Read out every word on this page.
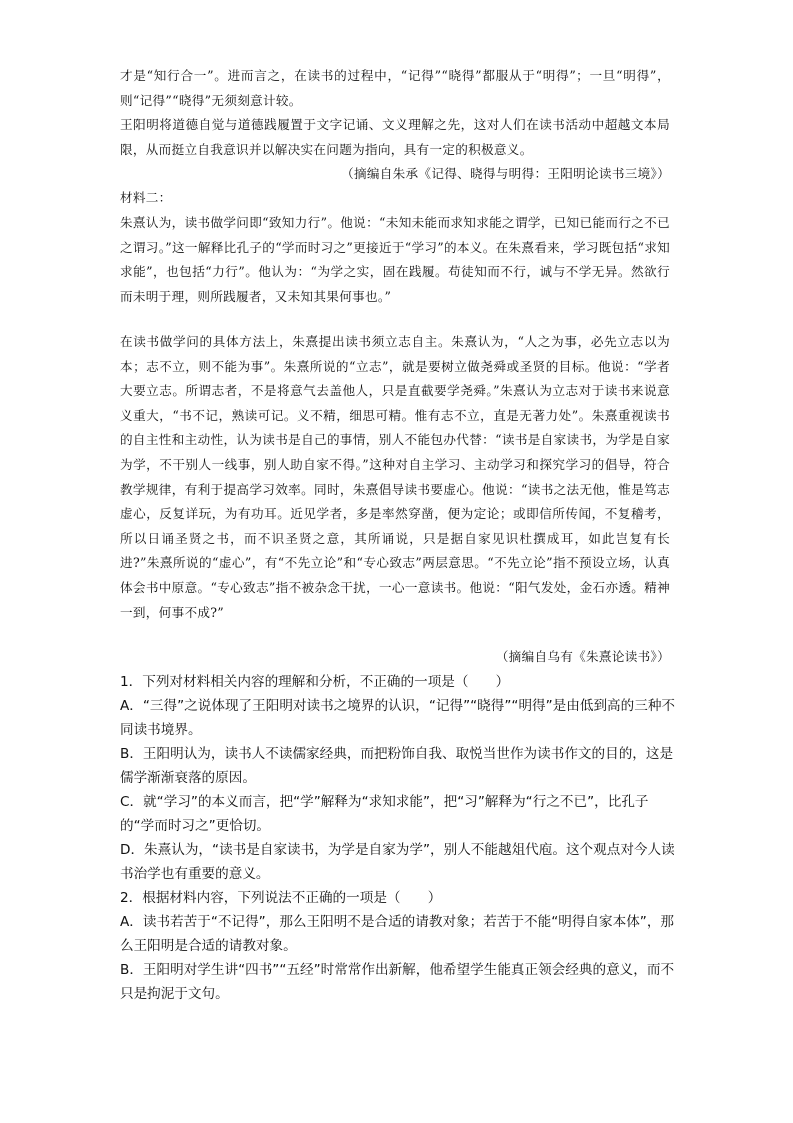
才是“知行合一”。进而言之，在读书的过程中，“记得”“晓得”都服从于“明得”；一旦“明得”，则“记得”“晓得”无须刻意计较。

王阳明将道德自觉与道德践履置于文字记诵、文义理解之先，这对人们在读书活动中超越文本局限，从而挺立自我意识并以解决实在问题为指向，具有一定的积极意义。

（摘编自朱承《记得、晓得与明得：王阳明论读书三境》）

材料二：

朱熹认为，读书做学问即“致知力行”。他说：“未知未能而求知求能之谓学，已知已能而行之不已之谓习。”这一解释比孔子的“学而时习之”更接近于“学习”的本义。在朱熹看来，学习既包括“求知求能”，也包括“力行”。他认为：“为学之实，固在践履。苟徒知而不行，诚与不学无异。然欲行而未明于理，则所践履者，又未知其果何事也。”

在读书做学问的具体方法上，朱熹提出读书须立志自主。朱熹认为，“人之为事，必先立志以为本；志不立，则不能为事”。朱熹所说的“立志”，就是要树立做尧舜或圣贤的目标。他说：“学者大要立志。所谓志者，不是将意气去盖他人，只是直截要学尧舜。”朱熹认为立志对于读书来说意义重大，“书不记，熟读可记。义不精，细思可精。惟有志不立，直是无著力处”。朱熹重视读书的自主性和主动性，认为读书是自己的事情，别人不能包办代替：“读书是自家读书，为学是自家为学，不干别人一线事，别人助自家不得。”这种对自主学习、主动学习和探究学习的倡导，符合教学规律，有利于提高学习效率。同时，朱熹倡导读书要虚心。他说：“读书之法无他，惟是笃志虚心，反复详玩，为有功耳。近见学者，多是率然穿凿，便为定论；或即信所传闻，不复稽考，所以日诵圣贤之书，而不识圣贤之意，其所诵说，只是据自家见识杜撰成耳，如此岂复有长进?”朱熹所说的“虚心”，有“不先立论”和“专心致志”两层意思。“不先立论”指不预设立场，认真体会书中原意。“专心致志”指不被杂念干扰，一心一意读书。他说：“阳气发处，金石亦透。精神一到，何事不成?”

（摘编自乌有《朱熹论读书》）

1．下列对材料相关内容的理解和分析，不正确的一项是（　　）

A．“三得”之说体现了王阳明对读书之境界的认识，“记得”“晓得”“明得”是由低到高的三种不同读书境界。

B．王阳明认为，读书人不读儒家经典，而把粉饰自我、取悦当世作为读书作文的目的，这是儒学渐渐衰落的原因。

C．就“学习”的本义而言，把“学”解释为“求知求能”，把“习”解释为“行之不已”，比孔子的“学而时习之”更恰切。

D．朱熹认为，“读书是自家读书，为学是自家为学”，别人不能越俎代庖。这个观点对今人读书治学也有重要的意义。

2．根据材料内容，下列说法不正确的一项是（　　）

A．读书若苦于“不记得”，那么王阳明不是合适的请教对象；若苦于不能“明得自家本体”，那么王阳明是合适的请教对象。

B．王阳明对学生讲“四书”“五经”时常常作出新解，他希望学生能真正领会经典的意义，而不只是拘泥于文句。
